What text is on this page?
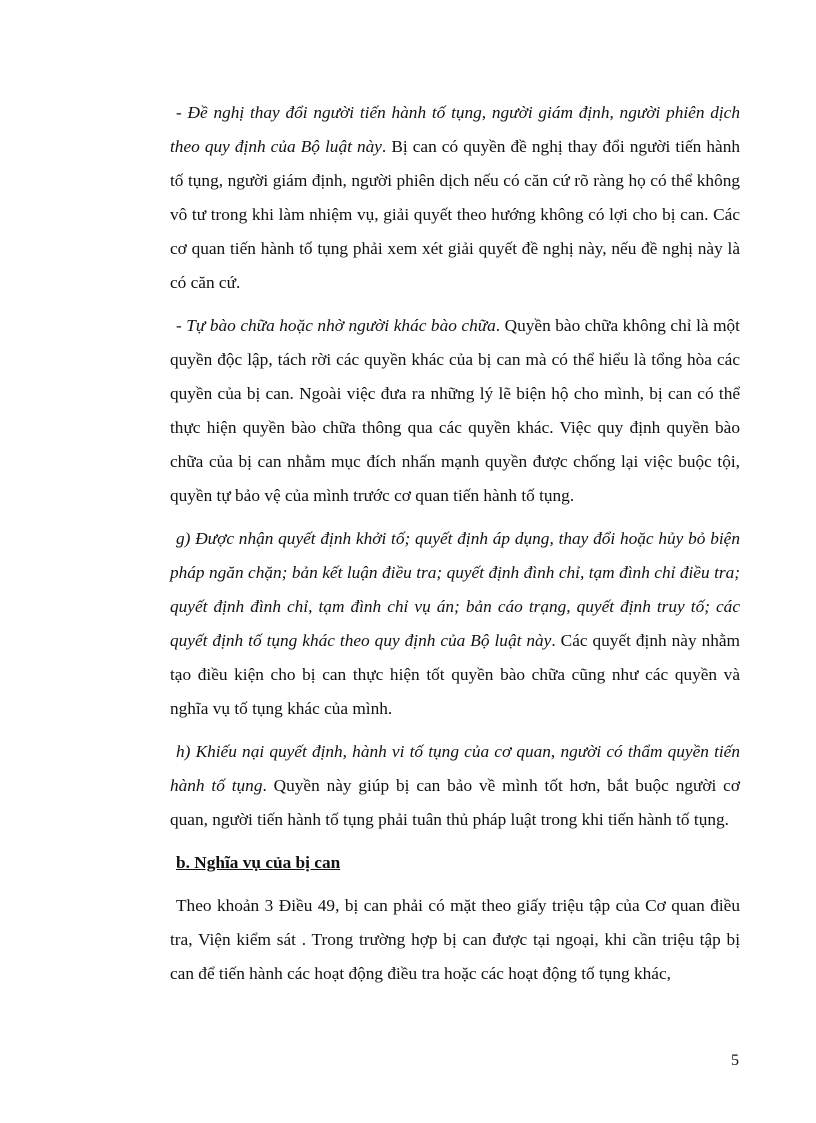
- Đề nghị thay đổi người tiến hành tố tụng, người giám định, người phiên dịch theo quy định của Bộ luật này. Bị can có quyền đề nghị thay đổi người tiến hành tố tụng, người giám định, người phiên dịch nếu có căn cứ rõ ràng họ có thể không vô tư trong khi làm nhiệm vụ, giải quyết theo hướng không có lợi cho bị can. Các cơ quan tiến hành tố tụng phải xem xét giải quyết đề nghị này, nếu đề nghị này là có căn cứ.

- Tự bào chữa hoặc nhờ người khác bào chữa. Quyền bào chữa không chỉ là một quyền độc lập, tách rời các quyền khác của bị can mà có thể hiểu là tổng hòa các quyền của bị can. Ngoài việc đưa ra những lý lẽ biện hộ cho mình, bị can có thể thực hiện quyền bào chữa thông qua các quyền khác. Việc quy định quyền bào chữa của bị can nhằm mục đích nhấn mạnh quyền được chống lại việc buộc tội, quyền tự bảo vệ của mình trước cơ quan tiến hành tố tụng.

g) Được nhận quyết định khởi tố; quyết định áp dụng, thay đổi hoặc hủy bỏ biện pháp ngăn chặn; bản kết luận điều tra; quyết định đình chỉ, tạm đình chỉ điều tra; quyết định đình chỉ, tạm đình chỉ vụ án; bản cáo trạng, quyết định truy tố; các quyết định tố tụng khác theo quy định của Bộ luật này. Các quyết định này nhằm tạo điều kiện cho bị can thực hiện tốt quyền bào chữa cũng như các quyền và nghĩa vụ tố tụng khác của mình.

h) Khiếu nại quyết định, hành vi tố tụng của cơ quan, người có thẩm quyền tiến hành tố tụng. Quyền này giúp bị can bảo về mình tốt hơn, bắt buộc người cơ quan, người tiến hành tố tụng phải tuân thủ pháp luật trong khi tiến hành tố tụng.

b. Nghĩa vụ của bị can

Theo khoản 3 Điều 49, bị can phải có mặt theo giấy triệu tập của Cơ quan điều tra, Viện kiểm sát . Trong trường hợp bị can được tại ngoại, khi cần triệu tập bị can để tiến hành các hoạt động điều tra hoặc các hoạt động tố tụng khác,

5
